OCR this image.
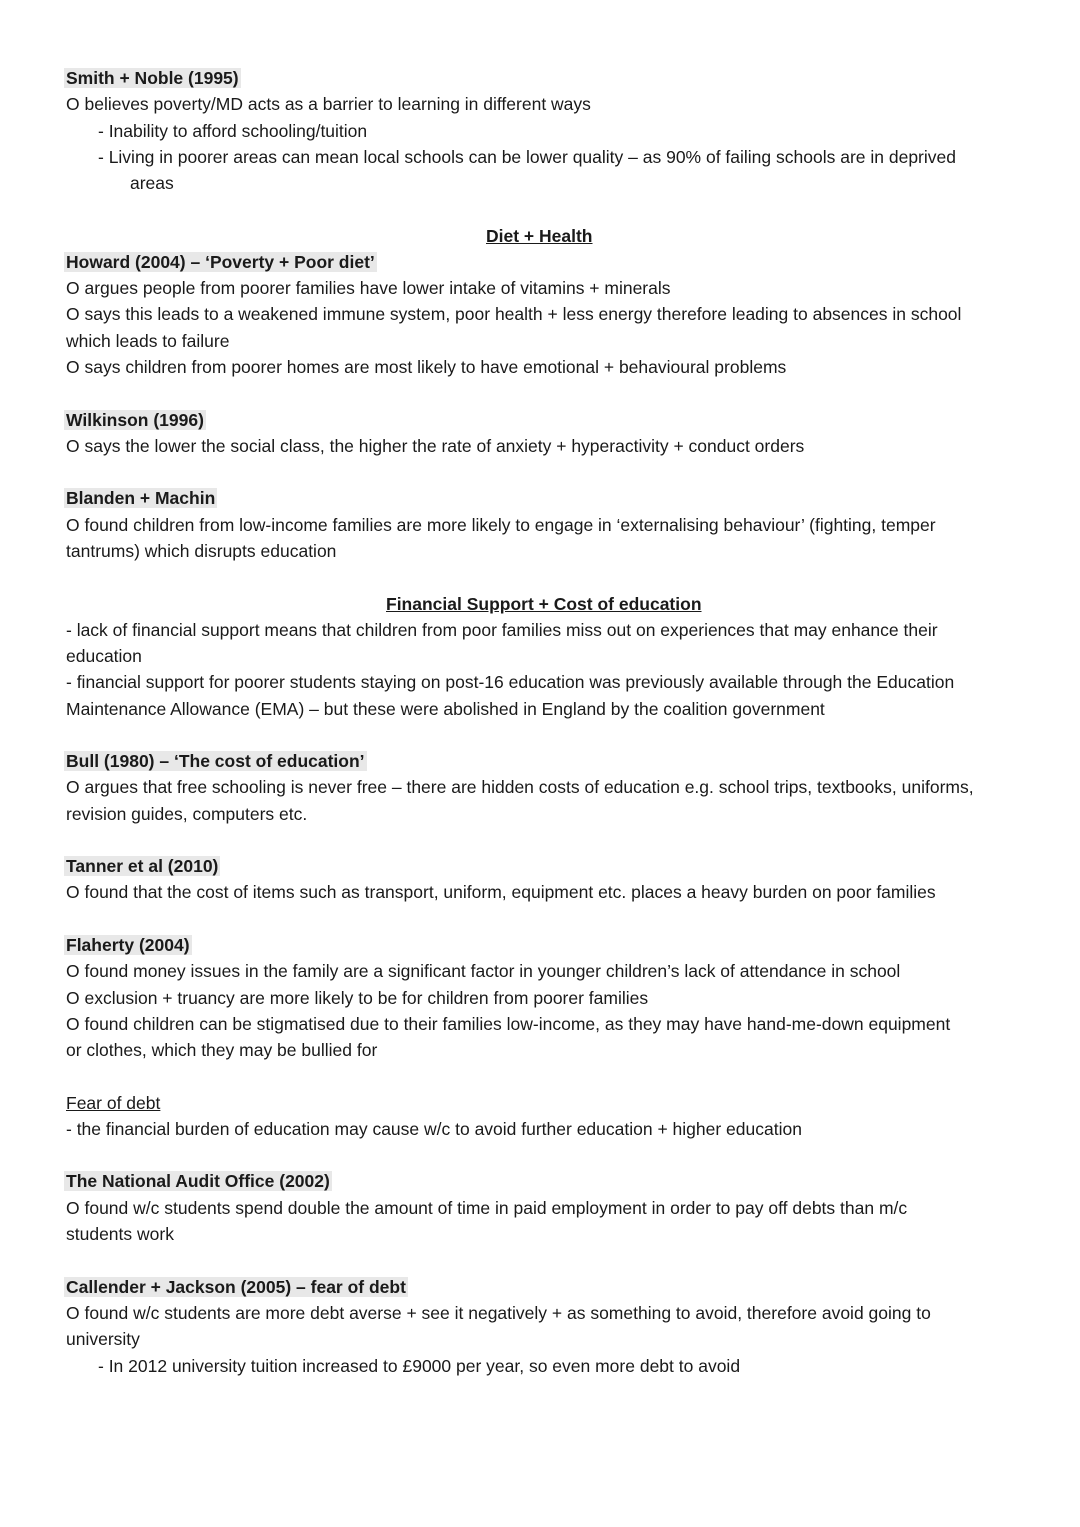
Smith + Noble (1995)
O believes poverty/MD acts as a barrier to learning in different ways
- Inability to afford schooling/tuition
- Living in poorer areas can mean local schools can be lower quality – as 90% of failing schools are in deprived
areas
Diet + Health
Howard (2004) – ‘Poverty + Poor diet’
O argues people from poorer families have lower intake of vitamins + minerals
O says this leads to a weakened immune system, poor health + less energy therefore leading to absences in school
which leads to failure
O says children from poorer homes are most likely to have emotional + behavioural problems
Wilkinson (1996)
O says the lower the social class, the higher the rate of anxiety + hyperactivity + conduct orders
Blanden + Machin
O found children from low-income families are more likely to engage in ‘externalising behaviour’ (fighting, temper
tantrums) which disrupts education
Financial Support + Cost of education
- lack of financial support means that children from poor families miss out on experiences that may enhance their
education
- financial support for poorer students staying on post-16 education was previously available through the Education
Maintenance Allowance (EMA) – but these were abolished in England by the coalition government
Bull (1980) – ‘The cost of education’
O argues that free schooling is never free – there are hidden costs of education e.g. school trips, textbooks, uniforms,
revision guides, computers etc.
Tanner et al (2010)
O found that the cost of items such as transport, uniform, equipment etc. places a heavy burden on poor families
Flaherty (2004)
O found money issues in the family are a significant factor in younger children’s lack of attendance in school
O exclusion + truancy are more likely to be for children from poorer families
O found children can be stigmatised due to their families low-income, as they may have hand-me-down equipment
or clothes, which they may be bullied for
Fear of debt
- the financial burden of education may cause w/c to avoid further education + higher education
The National Audit Office (2002)
O found w/c students spend double the amount of time in paid employment in order to pay off debts than m/c
students work
Callender + Jackson (2005) – fear of debt
O found w/c students are more debt averse + see it negatively + as something to avoid, therefore avoid going to
university
- In 2012 university tuition increased to £9000 per year, so even more debt to avoid
